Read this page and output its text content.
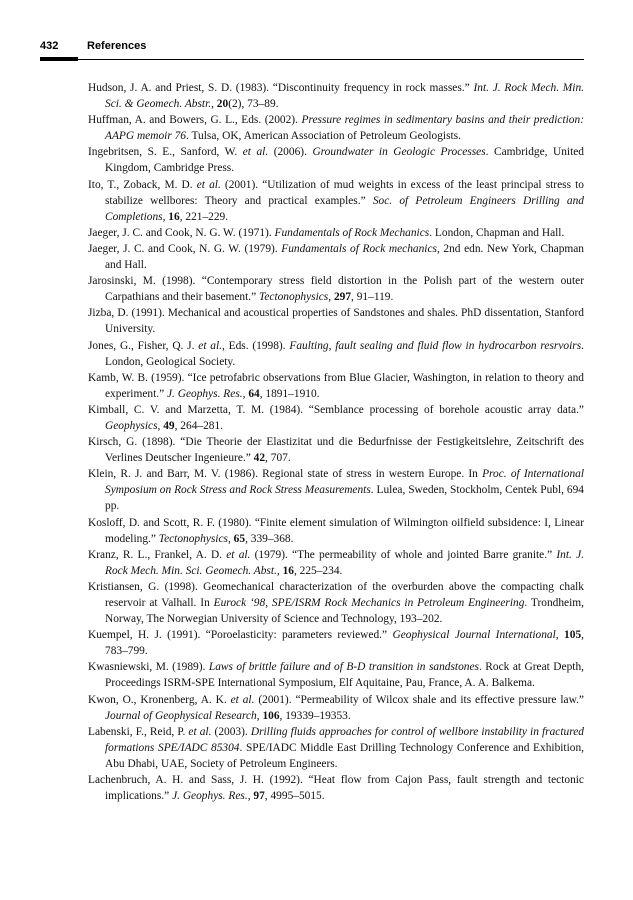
432	References

Hudson, J. A. and Priest, S. D. (1983). “Discontinuity frequency in rock masses.” Int. J. Rock Mech. Min. Sci. & Geomech. Abstr., 20(2), 73–89.

Huffman, A. and Bowers, G. L., Eds. (2002). Pressure regimes in sedimentary basins and their prediction: AAPG memoir 76. Tulsa, OK, American Association of Petroleum Geologists.

Ingebritsen, S. E., Sanford, W. et al. (2006). Groundwater in Geologic Processes. Cambridge, United Kingdom, Cambridge Press.

Ito, T., Zoback, M. D. et al. (2001). “Utilization of mud weights in excess of the least principal stress to stabilize wellbores: Theory and practical examples.” Soc. of Petroleum Engineers Drilling and Completions, 16, 221–229.

Jaeger, J. C. and Cook, N. G. W. (1971). Fundamentals of Rock Mechanics. London, Chapman and Hall.

Jaeger, J. C. and Cook, N. G. W. (1979). Fundamentals of Rock mechanics, 2nd edn. New York, Chapman and Hall.

Jarosinski, M. (1998). “Contemporary stress field distortion in the Polish part of the western outer Carpathians and their basement.” Tectonophysics, 297, 91–119.

Jizba, D. (1991). Mechanical and acoustical properties of Sandstones and shales. PhD dissentation, Stanford University.

Jones, G., Fisher, Q. J. et al., Eds. (1998). Faulting, fault sealing and fluid flow in hydrocarbon resrvoirs. London, Geological Society.

Kamb, W. B. (1959). “Ice petrofabric observations from Blue Glacier, Washington, in relation to theory and experiment.” J. Geophys. Res., 64, 1891–1910.

Kimball, C. V. and Marzetta, T. M. (1984). “Semblance processing of borehole acoustic array data.” Geophysics, 49, 264–281.

Kirsch, G. (1898). “Die Theorie der Elastizitat und die Bedurfnisse der Festigkeitslehre, Zeitschrift des Verlines Deutscher Ingenieure.” 42, 707.

Klein, R. J. and Barr, M. V. (1986). Regional state of stress in western Europe. In Proc. of International Symposium on Rock Stress and Rock Stress Measurements. Lulea, Sweden, Stockholm, Centek Publ, 694 pp.

Kosloff, D. and Scott, R. F. (1980). “Finite element simulation of Wilmington oilfield subsidence: I, Linear modeling.” Tectonophysics, 65, 339–368.

Kranz, R. L., Frankel, A. D. et al. (1979). “The permeability of whole and jointed Barre granite.” Int. J. Rock Mech. Min. Sci. Geomech. Abst., 16, 225–234.

Kristiansen, G. (1998). Geomechanical characterization of the overburden above the compacting chalk reservoir at Valhall. In Eurock ‘98, SPE/ISRM Rock Mechanics in Petroleum Engineering. Trondheim, Norway, The Norwegian University of Science and Technology, 193–202.

Kuempel, H. J. (1991). “Poroelasticity: parameters reviewed.” Geophysical Journal International, 105, 783–799.

Kwasniewski, M. (1989). Laws of brittle failure and of B-D transition in sandstones. Rock at Great Depth, Proceedings ISRM-SPE International Symposium, Elf Aquitaine, Pau, France, A. A. Balkema.

Kwon, O., Kronenberg, A. K. et al. (2001). “Permeability of Wilcox shale and its effective pressure law.” Journal of Geophysical Research, 106, 19339–19353.

Labenski, F., Reid, P. et al. (2003). Drilling fluids approaches for control of wellbore instability in fractured formations SPE/IADC 85304. SPE/IADC Middle East Drilling Technology Conference and Exhibition, Abu Dhabi, UAE, Society of Petroleum Engineers.

Lachenbruch, A. H. and Sass, J. H. (1992). “Heat flow from Cajon Pass, fault strength and tectonic implications.” J. Geophys. Res., 97, 4995–5015.
